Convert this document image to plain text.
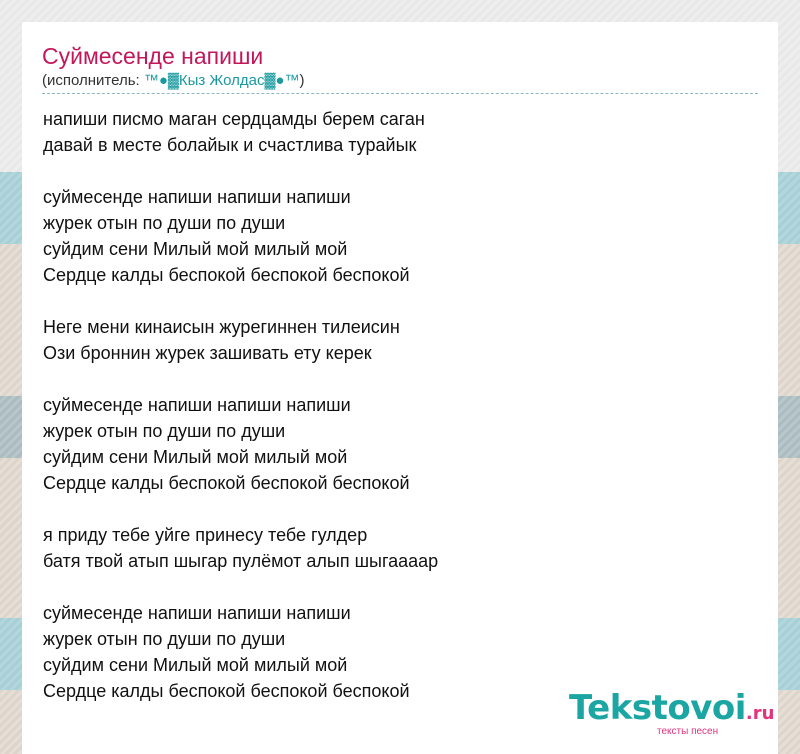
Суймесенде напиши
(исполнитель: ™●▓Кыз Жолдас▓●™)
напиши писмо маган сердцамды берем саган
давай в месте болайык и счастлива турайык
суймесенде напиши напиши напиши
журек отын по души по души
суйдим сени Милый мой милый мой
Сердце калды беспокой беспокой беспокой
Неге мени кинаисын журегиннен тилеисин
Ози броннин журек зашивать ету керек
суймесенде напиши напиши напиши
журек отын по души по души
суйдим сени Милый мой милый мой
Сердце калды беспокой беспокой беспокой
я приду тебе уйге принесу тебе гулдер
батя твой атып шыгар пулёмот алып шыгаааар
суймесенде напиши напиши напиши
журек отын по души по души
суйдим сени Милый мой милый мой
Сердце калды беспокой беспокой беспокой	Tekstovoi.ru
тексты песен
